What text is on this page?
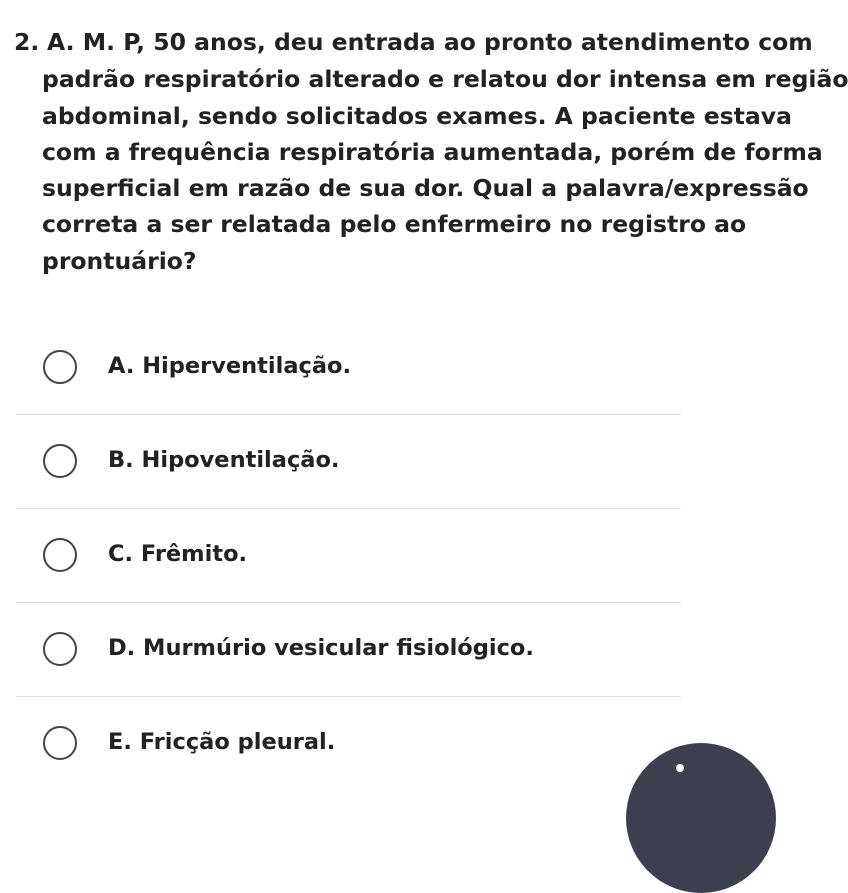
2. A. M. P, 50 anos, deu entrada ao pronto atendimento com
padrão respiratório alterado e relatou dor intensa em região
abdominal, sendo solicitados exames. A paciente estava
com a frequência respiratória aumentada, porém de forma
superficial em razão de sua dor. Qual a palavra/expressão
correta a ser relatada pelo enfermeiro no registro ao
prontuário?
A. Hiperventilação.
B. Hipoventilação.
C. Frêmito.
D. Murmúrio vesicular fisiológico.
E. Fricção pleural.
